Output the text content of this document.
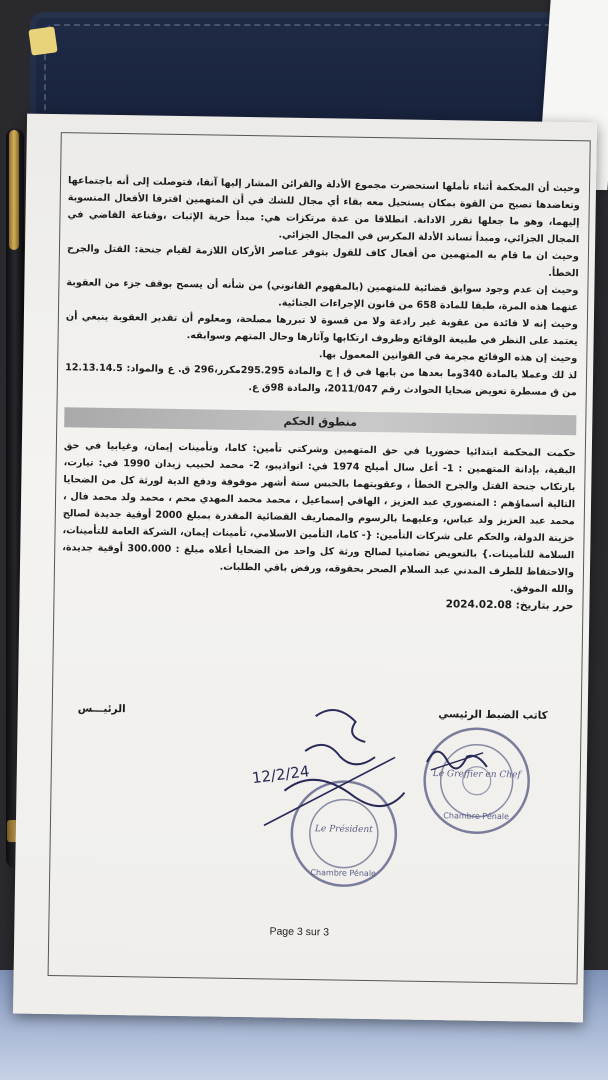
وحيث أن المحكمة أثناء تأملها استحضرت مجموع الأدلة والقرائن المشار إليها آنفا، فتوصلت إلى أنه باجتماعها وتعاضدها تصبح من القوة بمكان يستحيل معه بقاء أي مجال للشك في أن المتهمين اقترفا الأفعال المنسوبة إليهما، وهو ما جعلها تقرر الادانة. انطلاقا من عدة مرتكزات هي: مبدأ حرية الإثبات ،وقناعة القاضي في المجال الجزائي، ومبدأ تساند الأدلة المكرس في المجال الجزائي.

وحيث ان ما قام به المتهمين من أفعال كاف للقول بتوفر عناصر الأركان اللازمة لقيام جنحة: القتل والجرح الخطأ.

وحيث إن عدم وجود سوابق قضائية للمتهمين (بالمفهوم القانوني) من شأنه أن يسمح بوقف جزء من العقوبة عنهما هذه المرة، طبقا للمادة 658 من قانون الإجراءات الجنائية.

وحيث إنه لا فائدة من عقوبة غير رادعة ولا من قسوة لا تبررها مصلحة، ومعلوم أن تقدير العقوبة ينبغي أن يعتمد على النظر في طبيعة الوقائع وظروف ارتكابها وآثارها وحال المتهم وسوابقه.

وحيث إن هذه الوقائع مجرمة في القوانين المعمول بها.

لذ لك وعملا بالمادة 340وما بعدها من بابها في ق إ ج والمادة 295.295مكرر،296 ق. ع والمواد: 12.13.14.5 من ق مسطرة تعويض ضحايا الحوادث رقم 2011/047، والمادة 98ق ع.

منطوق الحكم

حكمت المحكمة ابتدائيا حضوريا في حق المتهمين وشركتي تأمين: كاما، وتأمينات إيمان، وغيابيا في حق البقية، بإدانة المتهمين : 1- أعل سال أميلح 1974 في: انواذيبو، 2- محمد لحبيب زيدان 1990 في: تيارت، بارتكاب جنحة القتل والجرح الخطأ ، وعقوبتهما بالحبس ستة أشهر موقوفة ودفع الدية لورثة كل من الضحايا التالية أسماؤهم : المنصوري عبد العزيز ، الهاقي إسماعيل ، محمد محمد المهدي محم ، محمد ولد محمد فال ، محمد عبد العزيز ولد عباس، وعليهما بالرسوم والمصاريف القضائية المقدرة بمبلغ 2000 أوقية جديدة لصالح خزينة الدولة، والحكم على شركات التأمين: {- كاما، التأمين الاسلامي، تأمينات إيمان، الشركة العامة للتأمينات، السلامة للتأمينات.} بالتعويض تضامنيا لصالح ورثة كل واحد من الضحايا أعلاه مبلغ : 300.000 أوقية جديدة، والاحتفاظ للطرف المدني عبد السلام الصحر بحقوقه، ورفض باقي الطلبات.

والله الموفق.

حرر بتاريخ: 2024.02.08

كاتب الضبط الرئيسي
الرئيـــس
Le Greffier en Chef
Chambre Pénale
Le Président
Chambre Pénale
12/2/24
Page 3 sur 3
